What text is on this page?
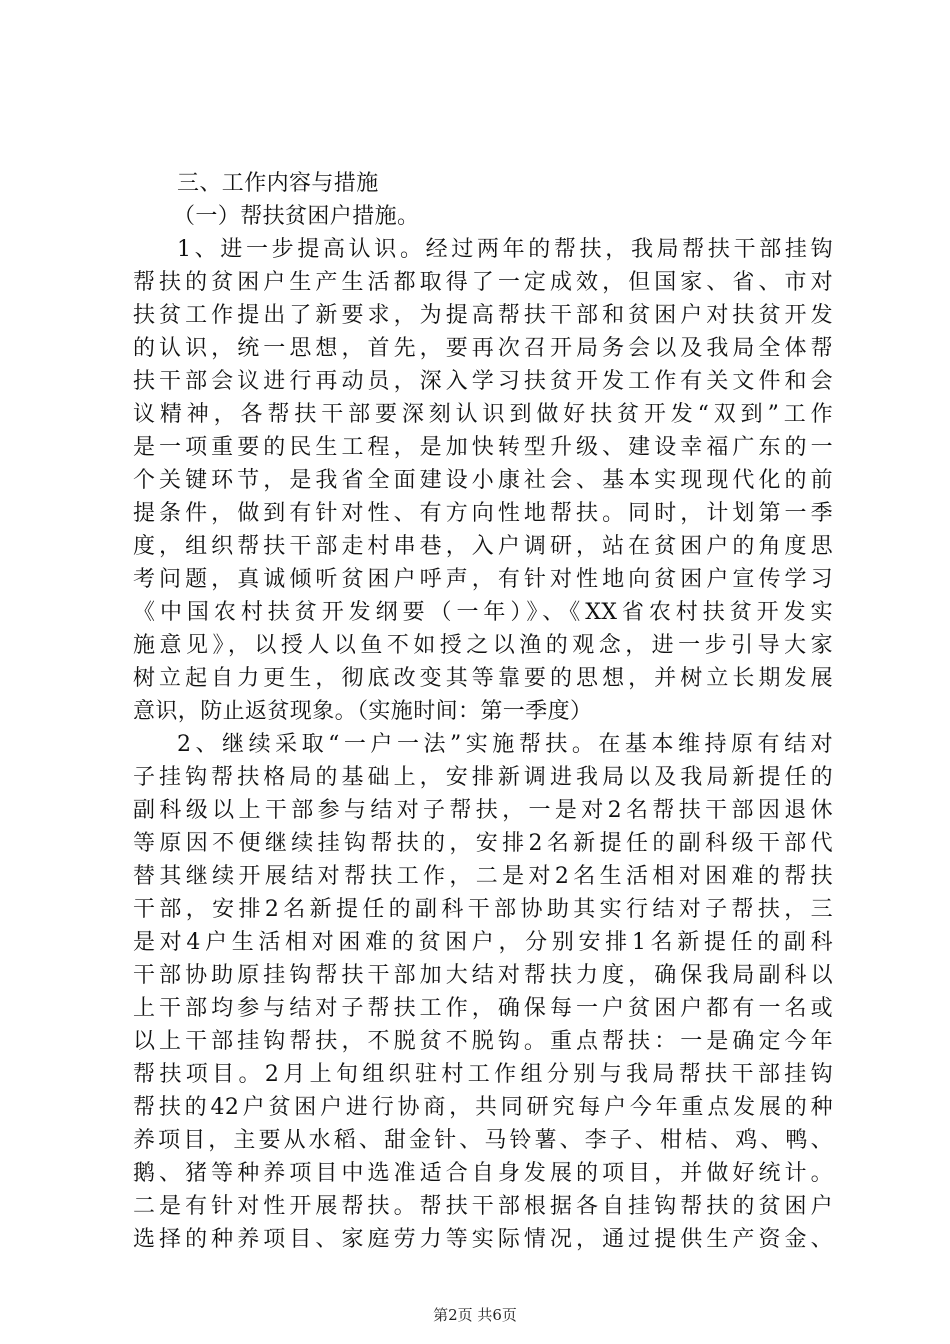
三、工作内容与措施
（一）帮扶贫困户措施。
1、进一步提高认识。经过两年的帮扶，我局帮扶干部挂钩
帮扶的贫困户生产生活都取得了一定成效，但国家、省、市对
扶贫工作提出了新要求，为提高帮扶干部和贫困户对扶贫开发
的认识，统一思想，首先，要再次召开局务会以及我局全体帮
扶干部会议进行再动员，深入学习扶贫开发工作有关文件和会
议精神，各帮扶干部要深刻认识到做好扶贫开发“双到”工作
是一项重要的民生工程，是加快转型升级、建设幸福广东的一
个关键环节，是我省全面建设小康社会、基本实现现代化的前
提条件，做到有针对性、有方向性地帮扶。同时，计划第一季
度，组织帮扶干部走村串巷，入户调研，站在贫困户的角度思
考问题，真诚倾听贫困户呼声，有针对性地向贫困户宣传学习
《中国农村扶贫开发纲要（一年）》、《XX省农村扶贫开发实
施意见》，以授人以鱼不如授之以渔的观念，进一步引导大家
树立起自力更生，彻底改变其等靠要的思想，并树立长期发展
意识，防止返贫现象。（实施时间：第一季度）
2、继续采取“一户一法”实施帮扶。在基本维持原有结对
子挂钩帮扶格局的基础上，安排新调进我局以及我局新提任的
副科级以上干部参与结对子帮扶，一是对2名帮扶干部因退休
等原因不便继续挂钩帮扶的，安排2名新提任的副科级干部代
替其继续开展结对帮扶工作，二是对2名生活相对困难的帮扶
干部，安排2名新提任的副科干部协助其实行结对子帮扶，三
是对4户生活相对困难的贫困户，分别安排1名新提任的副科
干部协助原挂钩帮扶干部加大结对帮扶力度，确保我局副科以
上干部均参与结对子帮扶工作，确保每一户贫困户都有一名或
以上干部挂钩帮扶，不脱贫不脱钩。重点帮扶：一是确定今年
帮扶项目。2月上旬组织驻村工作组分别与我局帮扶干部挂钩
帮扶的42户贫困户进行协商，共同研究每户今年重点发展的种
养项目，主要从水稻、甜金针、马铃薯、李子、柑桔、鸡、鸭、
鹅、猪等种养项目中选准适合自身发展的项目，并做好统计。
二是有针对性开展帮扶。帮扶干部根据各自挂钩帮扶的贫困户
选择的种养项目、家庭劳力等实际情况，通过提供生产资金、
第2页 共6页
